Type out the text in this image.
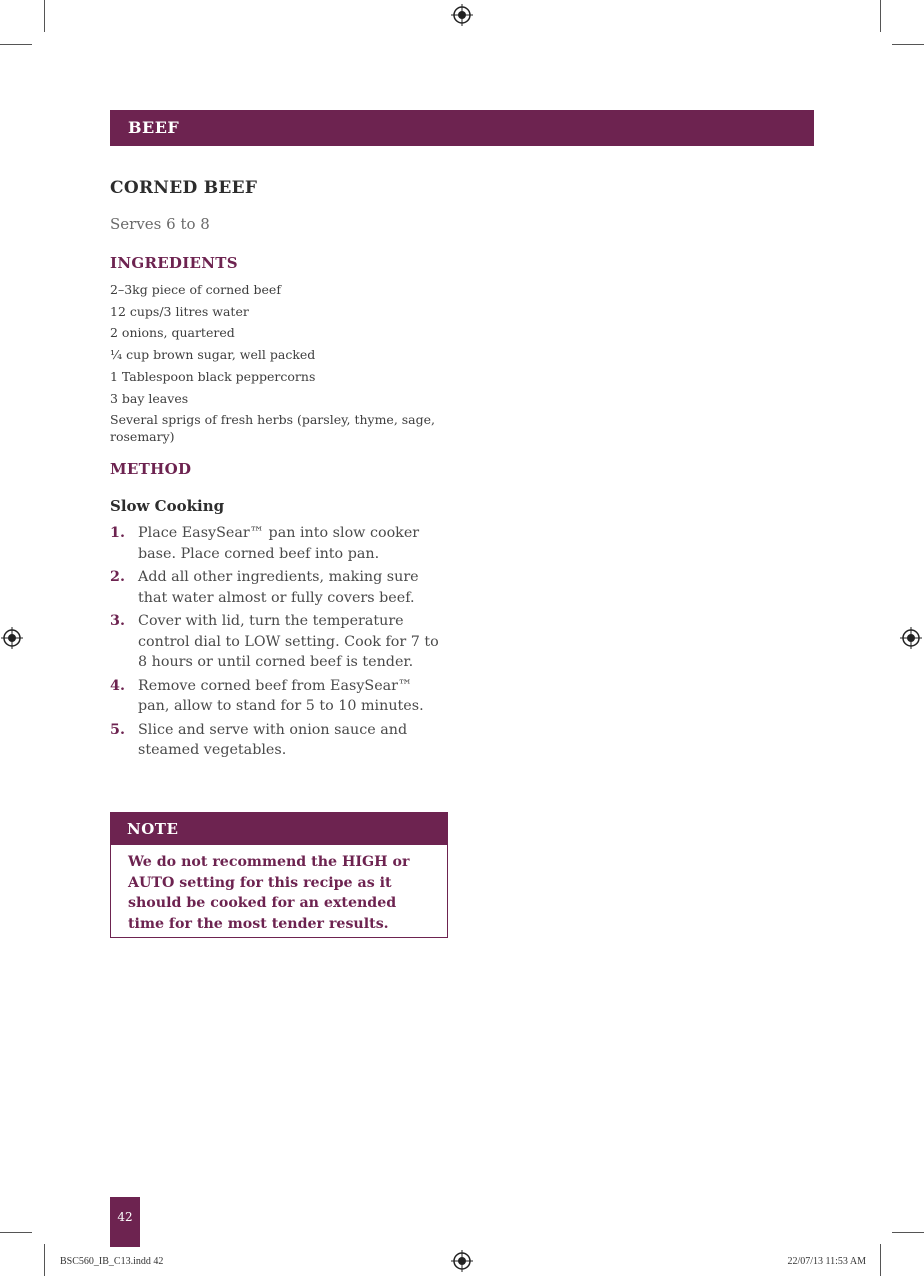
BEEF
CORNED BEEF
Serves 6 to 8
INGREDIENTS
2–3kg piece of corned beef
12 cups/3 litres water
2 onions, quartered
¼ cup brown sugar, well packed
1 Tablespoon black peppercorns
3 bay leaves
Several sprigs of fresh herbs (parsley, thyme, sage, rosemary)
METHOD
Slow Cooking
1. Place EasySear™ pan into slow cooker base. Place corned beef into pan.
2. Add all other ingredients, making sure that water almost or fully covers beef.
3. Cover with lid, turn the temperature control dial to LOW setting. Cook for 7 to 8 hours or until corned beef is tender.
4. Remove corned beef from EasySear™ pan, allow to stand for 5 to 10 minutes.
5. Slice and serve with onion sauce and steamed vegetables.
NOTE
We do not recommend the HIGH or AUTO setting for this recipe as it should be cooked for an extended time for the most tender results.
42
BSC560_IB_C13.indd 42	22/07/13 11:53 AM
